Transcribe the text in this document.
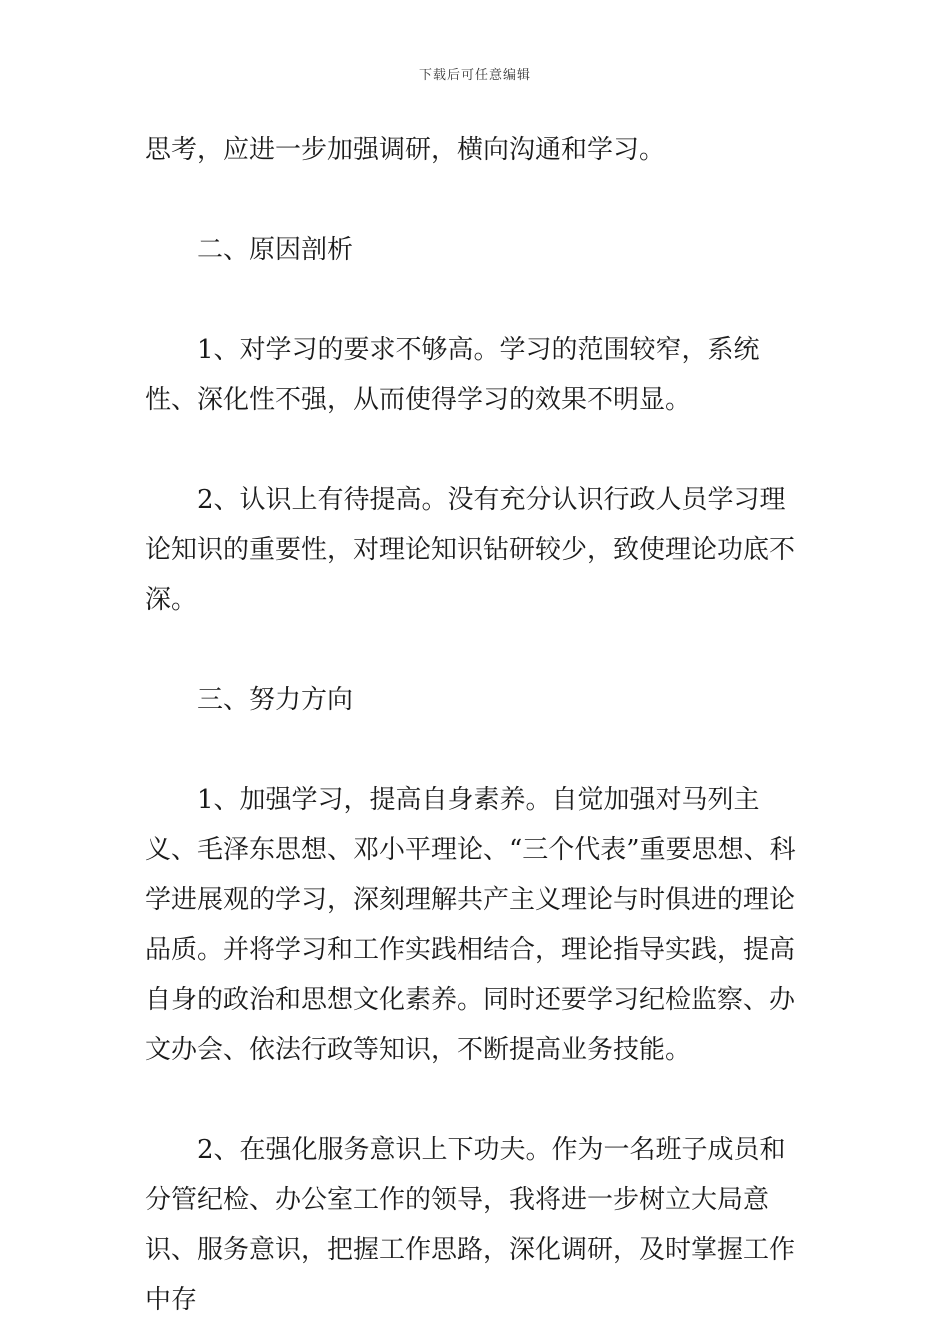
下载后可任意编辑

思考，应进一步加强调研，横向沟通和学习。

二、原因剖析

1、对学习的要求不够高。学习的范围较窄，系统性、深化性不强，从而使得学习的效果不明显。

2、认识上有待提高。没有充分认识行政人员学习理论知识的重要性，对理论知识钻研较少，致使理论功底不深。

三、努力方向

1、加强学习，提高自身素养。自觉加强对马列主义、毛泽东思想、邓小平理论、“三个代表”重要思想、科学进展观的学习，深刻理解共产主义理论与时俱进的理论品质。并将学习和工作实践相结合，理论指导实践，提高自身的政治和思想文化素养。同时还要学习纪检监察、办文办会、依法行政等知识，不断提高业务技能。

2、在强化服务意识上下功夫。作为一名班子成员和分管纪检、办公室工作的领导，我将进一步树立大局意识、服务意识，把握工作思路，深化调研，及时掌握工作中存
